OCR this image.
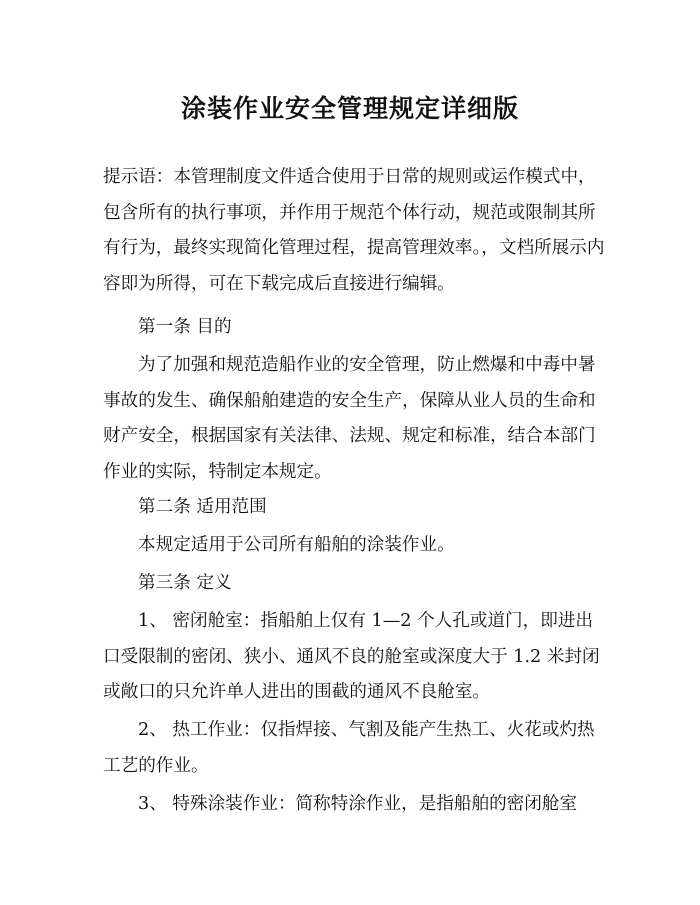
涂装作业安全管理规定详细版

提示语：本管理制度文件适合使用于日常的规则或运作模式中，包含所有的执行事项，并作用于规范个体行动，规范或限制其所有行为，最终实现简化管理过程，提高管理效率。，文档所展示内容即为所得，可在下载完成后直接进行编辑。

第一条 目的

为了加强和规范造船作业的安全管理，防止燃爆和中毒中暑事故的发生、确保船舶建造的安全生产，保障从业人员的生命和财产安全，根据国家有关法律、法规、规定和标准，结合本部门作业的实际，特制定本规定。

第二条 适用范围

本规定适用于公司所有船舶的涂装作业。

第三条 定义

1、 密闭舱室：指船舶上仅有 1—2 个人孔或道门，即进出口受限制的密闭、狭小、通风不良的舱室或深度大于 1.2 米封闭或敞口的只允许单人进出的围截的通风不良舱室。

2、 热工作业：仅指焊接、气割及能产生热工、火花或灼热工艺的作业。

3、 特殊涂装作业：简称特涂作业，是指船舶的密闭舱室
